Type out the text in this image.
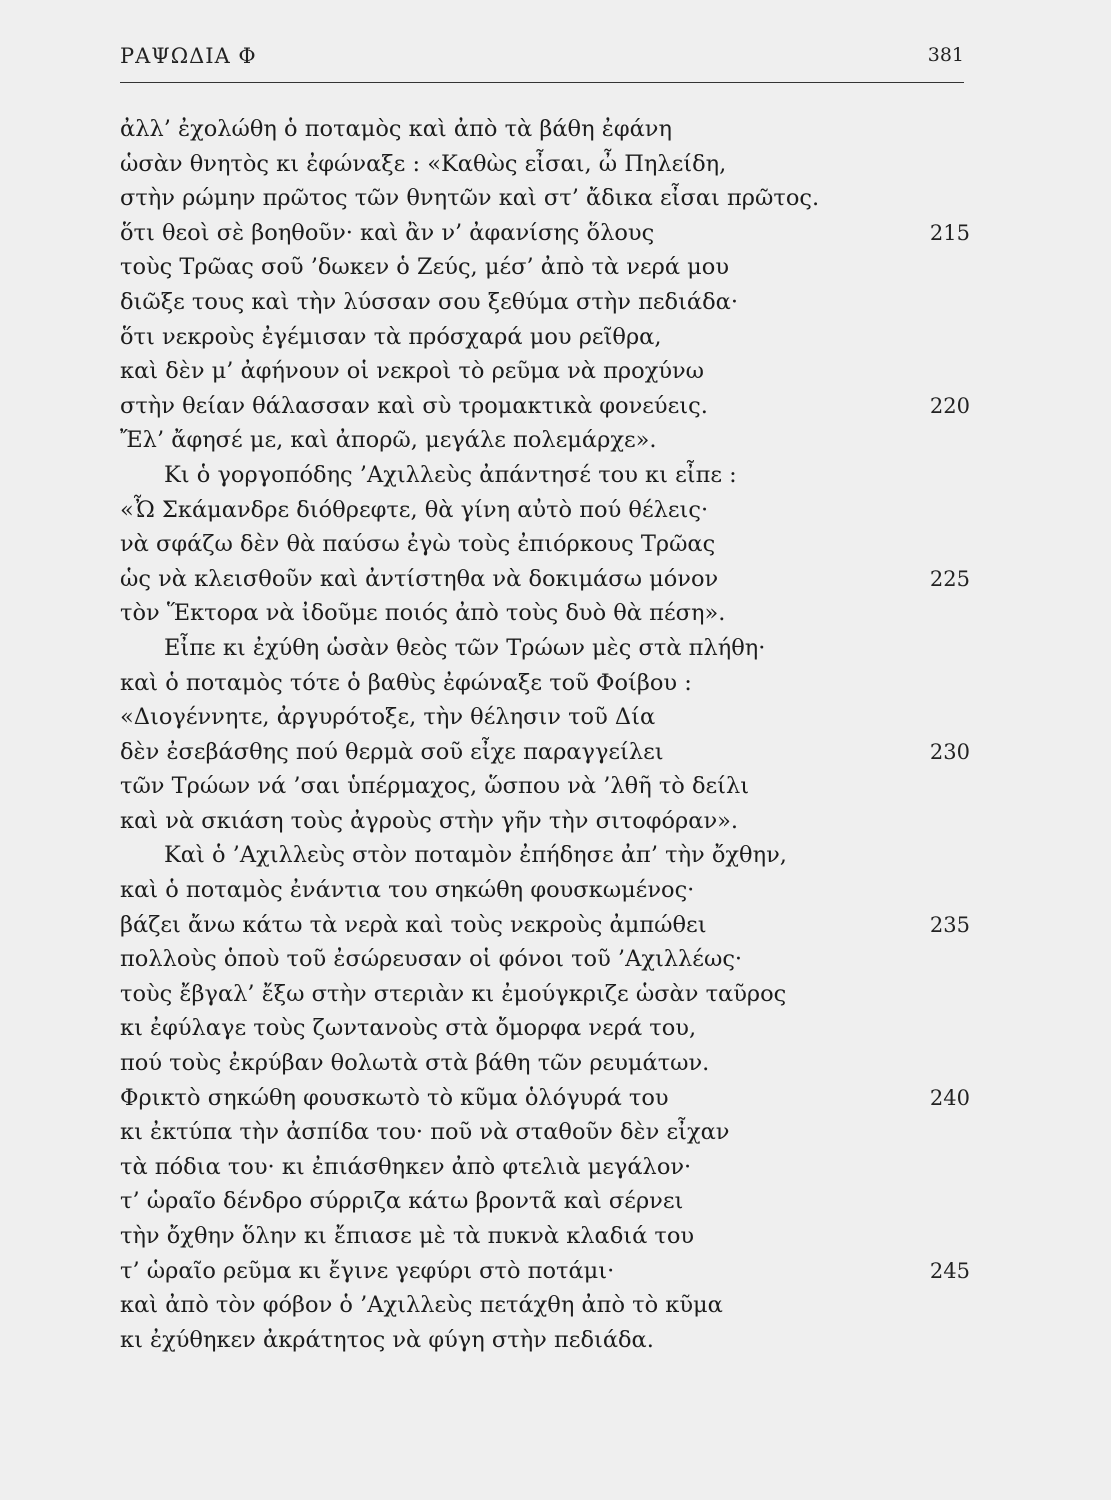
ΡΑΨΩΔΙΑ Φ	381
ἀλλ’ ἐχολώθη ὁ ποταμὸς καὶ ἀπὸ τὰ βάθη ἐφάνη
ὡσὰν θνητὸς κι ἐφώναξε : «Καθὼς εἶσαι, ὦ Πηλείδη,
στὴν ρώμην πρῶτος τῶν θνητῶν καὶ στ’ ἄδικα εἶσαι πρῶτος.
ὅτι θεοὶ σὲ βοηθοῦν· καὶ ἂν ν’ ἀφανίσης ὅλους	215
τοὺς Τρῶας σοῦ ’δωκεν ὁ Ζεύς, μέσ’ ἀπὸ τὰ νερά μου
διῶξε τους καὶ τὴν λύσσαν σου ξεθύμα στὴν πεδιάδα·
ὅτι νεκροὺς ἐγέμισαν τὰ πρόσχαρά μου ρεῖθρα,
καὶ δὲν μ’ ἀφήνουν οἱ νεκροὶ τὸ ρεῦμα νὰ προχύνω
στὴν θείαν θάλασσαν καὶ σὺ τρομακτικὰ φονεύεις.	220
Ἔλ’ ἄφησέ με, καὶ ἀπορῶ, μεγάλε πολεμάρχε».
Κι ὁ γοργοπόδης ’Αχιλλεὺς ἀπάντησέ του κι εἶπε :
«Ὦ Σκάμανδρε διόθρεφτε, θὰ γίνη αὐτὸ πού θέλεις·
νὰ σφάζω δὲν θὰ παύσω ἐγὼ τοὺς ἐπιόρκους Τρῶας
ὡς νὰ κλεισθοῦν καὶ ἀντίστηθα νὰ δοκιμάσω μόνον	225
τὸν Ἕκτορα νὰ ἰδοῦμε ποιός ἀπὸ τοὺς δυὸ θὰ πέση».
Εἶπε κι ἐχύθη ὡσὰν θεὸς τῶν Τρώων μὲς στὰ πλήθη·
καὶ ὁ ποταμὸς τότε ὁ βαθὺς ἐφώναξε τοῦ Φοίβου :
«Διογέννητε, ἀργυρότοξε, τὴν θέλησιν τοῦ Δία
δὲν ἐσεβάσθης πού θερμὰ σοῦ εἶχε παραγγείλει	230
τῶν Τρώων νά ’σαι ὑπέρμαχος, ὥσπου νὰ ’λθῆ τὸ δείλι
καὶ νὰ σκιάση τοὺς ἀγροὺς στὴν γῆν τὴν σιτοφόραν».
Καὶ ὁ ’Αχιλλεὺς στὸν ποταμὸν ἐπήδησε ἀπ’ τὴν ὄχθην,
καὶ ὁ ποταμὸς ἐνάντια του σηκώθη φουσκωμένος·
βάζει ἄνω κάτω τὰ νερὰ καὶ τοὺς νεκροὺς ἀμπώθει	235
πολλοὺς ὁποὺ τοῦ ἐσώρευσαν οἱ φόνοι τοῦ ’Αχιλλέως·
τοὺς ἔβγαλ’ ἔξω στὴν στεριὰν κι ἐμούγκριζε ὡσὰν ταῦρος
κι ἐφύλαγε τοὺς ζωντανοὺς στὰ ὄμορφα νερά του,
πού τοὺς ἐκρύβαν θολωτὰ στὰ βάθη τῶν ρευμάτων.
Φρικτὸ σηκώθη φουσκωτὸ τὸ κῦμα ὁλόγυρά του	240
κι ἐκτύπα τὴν ἀσπίδα του· ποῦ νὰ σταθοῦν δὲν εἶχαν
τὰ πόδια του· κι ἐπιάσθηκεν ἀπὸ φτελιὰ μεγάλον·
τ’ ὡραῖο δένδρο σύρριζα κάτω βροντᾶ καὶ σέρνει
τὴν ὄχθην ὅλην κι ἔπιασε μὲ τὰ πυκνὰ κλαδιά του
τ’ ὡραῖο ρεῦμα κι ἔγινε γεφύρι στὸ ποτάμι·	245
καὶ ἀπὸ τὸν φόβον ὁ ’Αχιλλεὺς πετάχθη ἀπὸ τὸ κῦμα
κι ἐχύθηκεν ἀκράτητος νὰ φύγη στὴν πεδιάδα.
